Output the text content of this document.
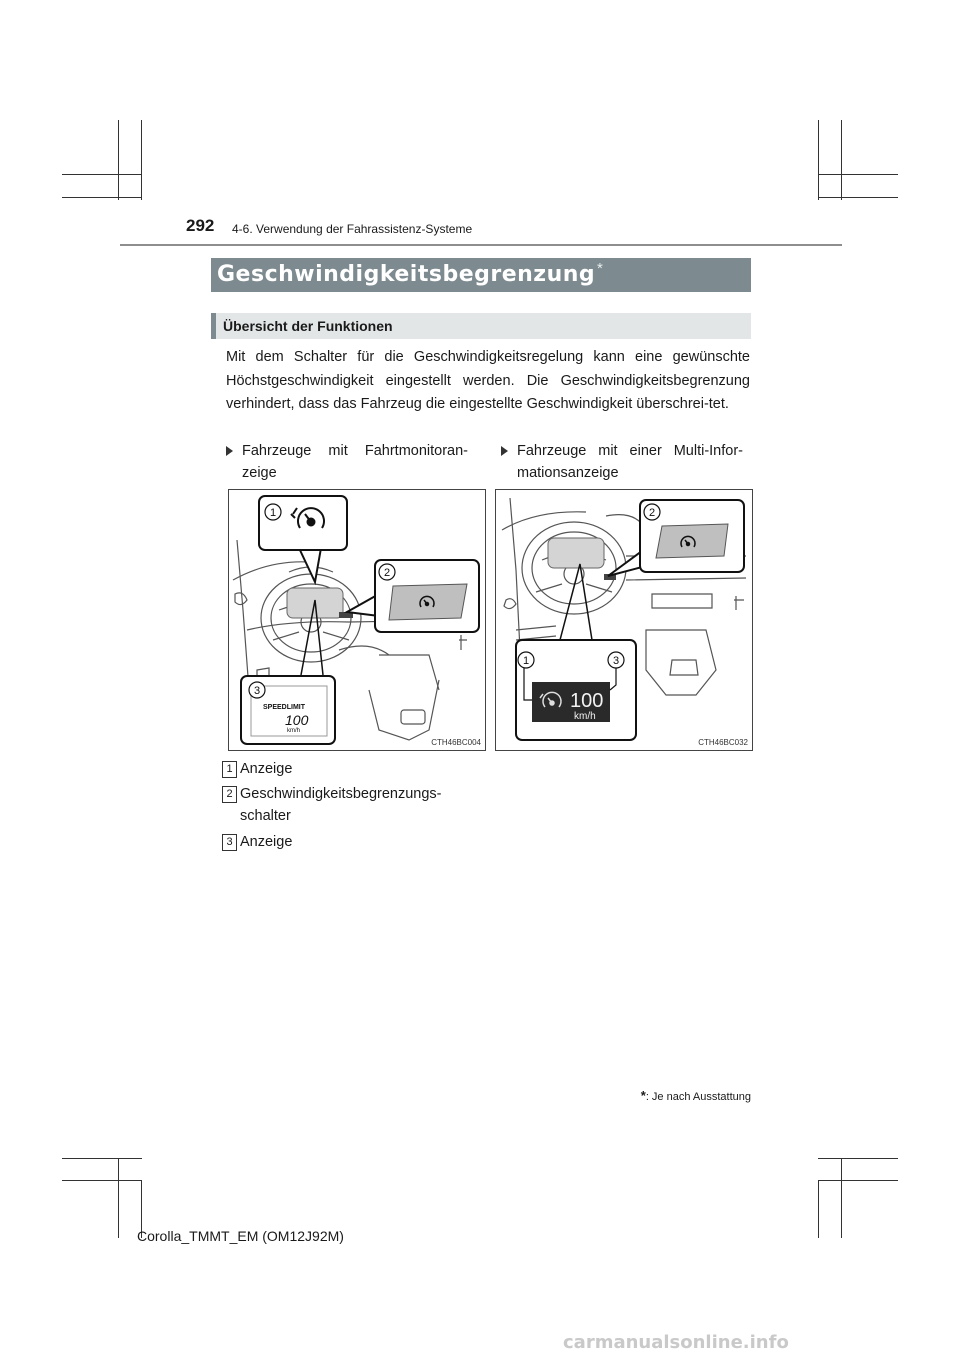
292 4-6. Verwendung der Fahrassistenz-Systeme
Geschwindigkeitsbegrenzung *
Übersicht der Funktionen
Mit dem Schalter für die Geschwindigkeitsregelung kann eine gewünschte Höchstgeschwindigkeit eingestellt werden. Die Geschwindigkeitsbegrenzung verhindert, dass das Fahrzeug die eingestellte Geschwindigkeit überschrei-tet.
Fahrzeuge mit Fahrtmonitoran-zeige
Fahrzeuge mit einer Multi-Infor-mationsanzeige
SPEEDLIMIT
100
km/h
1
2
3
CTH46BC004
100
km/h
2
1	3
CTH46BC032
1 Anzeige
2 Geschwindigkeitsbegrenzungs-schalter
3 Anzeige
*: Je nach Ausstattung
Corolla_TMMT_EM (OM12J92M)
carmanualsonline.info
